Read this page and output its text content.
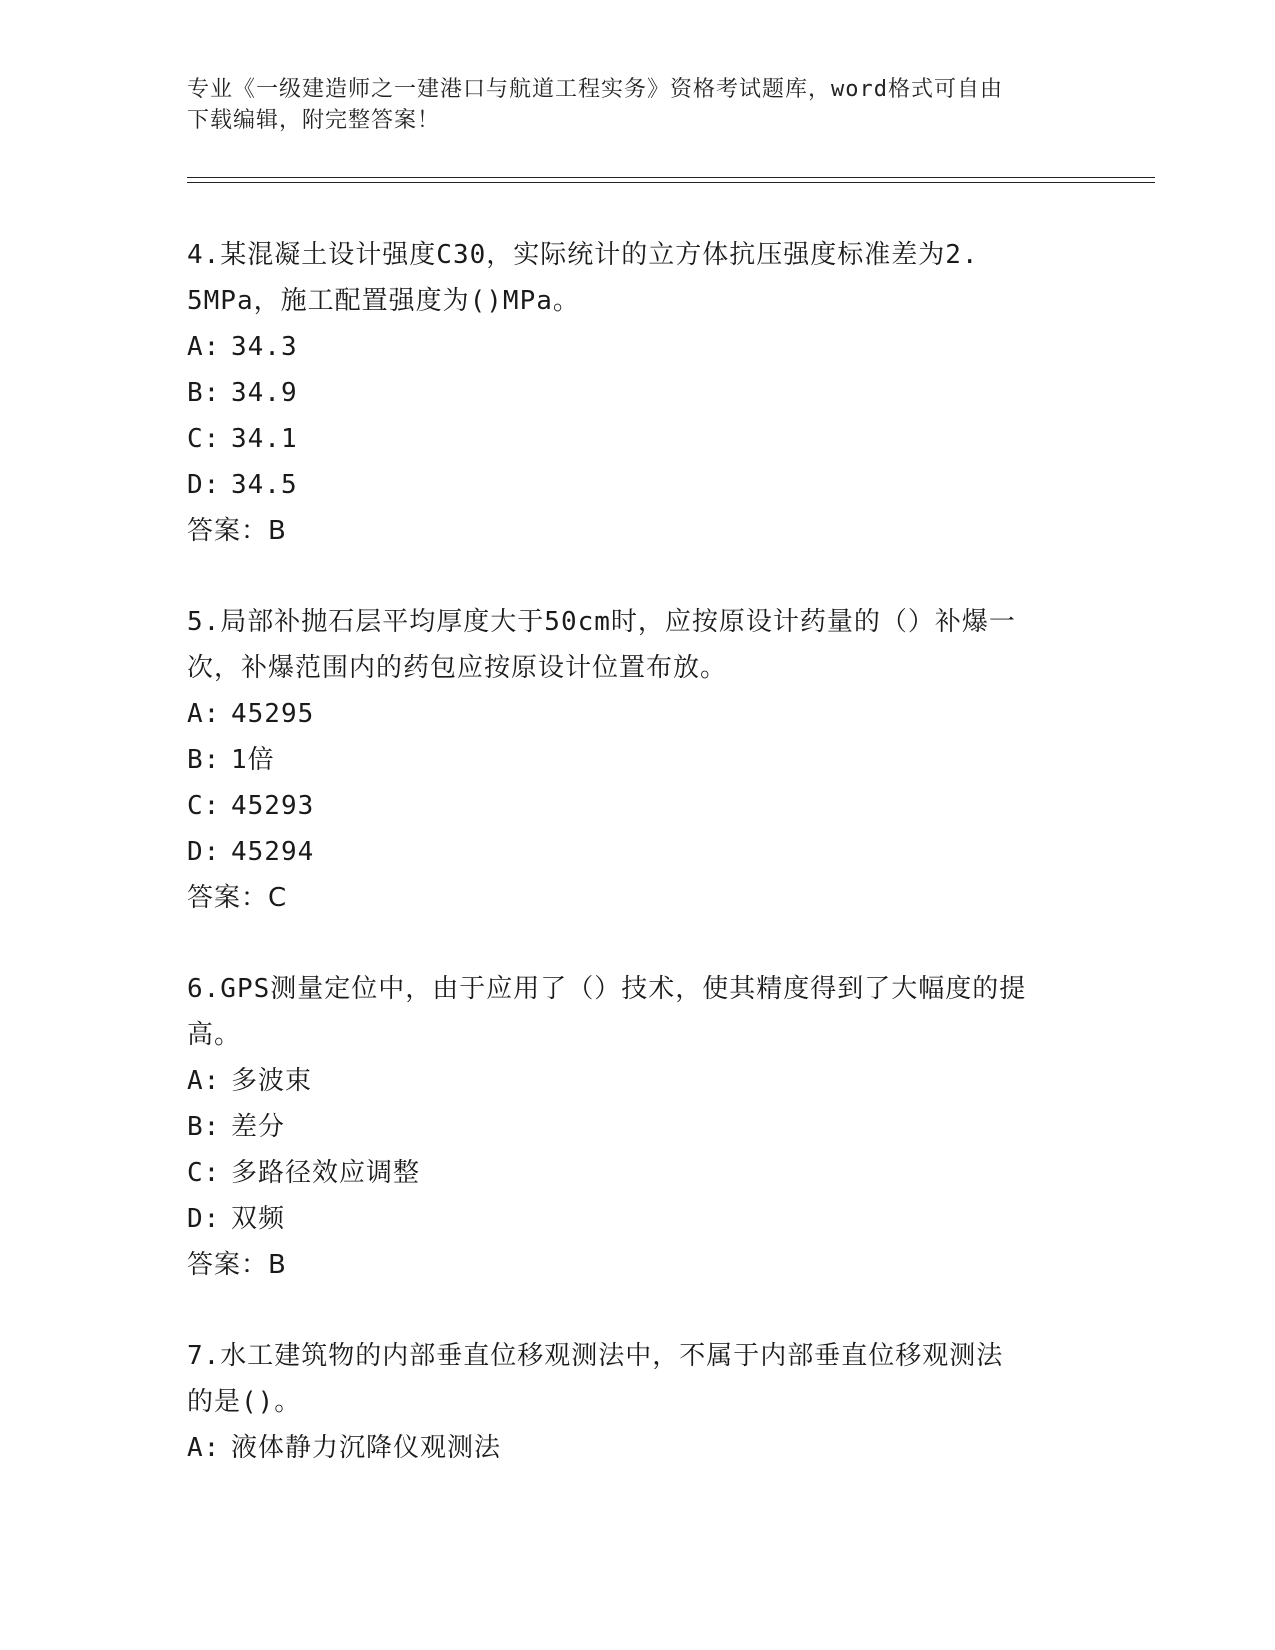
专业《一级建造师之一建港口与航道工程实务》资格考试题库，word格式可自由
下载编辑，附完整答案！

4.某混凝土设计强度C30，实际统计的立方体抗压强度标准差为2.
5MPa，施工配置强度为()MPa。

A: 34.3
B: 34.9
C: 34.1
D: 34.5
答案：B

5.局部补抛石层平均厚度大于50cm时，应按原设计药量的（）补爆一
次，补爆范围内的药包应按原设计位置布放。

A: 45295
B: 1倍
C: 45293
D: 45294
答案：C

6.GPS测量定位中，由于应用了（）技术，使其精度得到了大幅度的提
高。

A: 多波束
B: 差分
C: 多路径效应调整
D: 双频
答案：B

7.水工建筑物的内部垂直位移观测法中，不属于内部垂直位移观测法
的是()。

A: 液体静力沉降仪观测法
